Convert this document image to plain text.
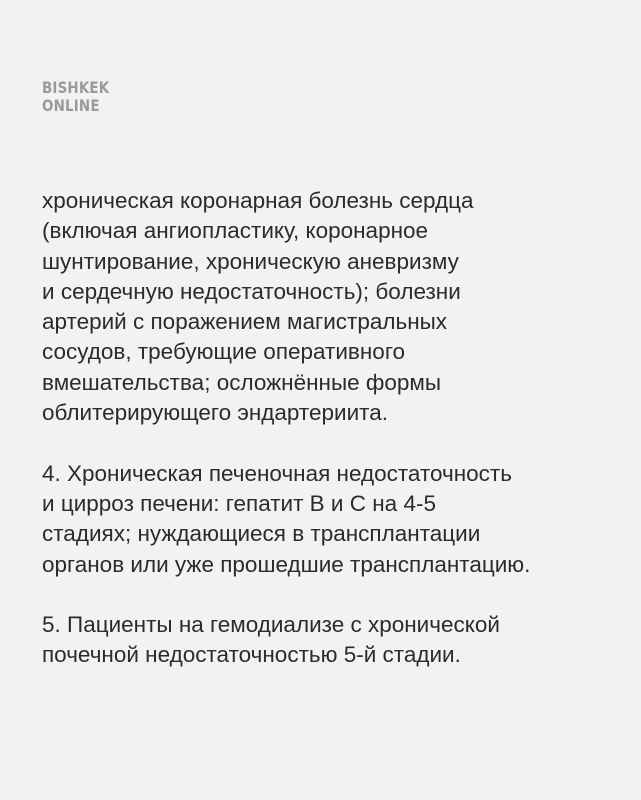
BISHKEK
ONLINE

хроническая коронарная болезнь сердца
(включая ангиопластику, коронарное
шунтирование, хроническую аневризму
и сердечную недостаточность); болезни
артерий с поражением магистральных
сосудов, требующие оперативного
вмешательства; осложнённые формы
облитерирующего эндартериита.

4. Хроническая печеночная недостаточность
и цирроз печени: гепатит В и С на 4-5
стадиях; нуждающиеся в трансплантации
органов или уже прошедшие трансплантацию.

5. Пациенты на гемодиализе с хронической
почечной недостаточностью 5-й стадии.
